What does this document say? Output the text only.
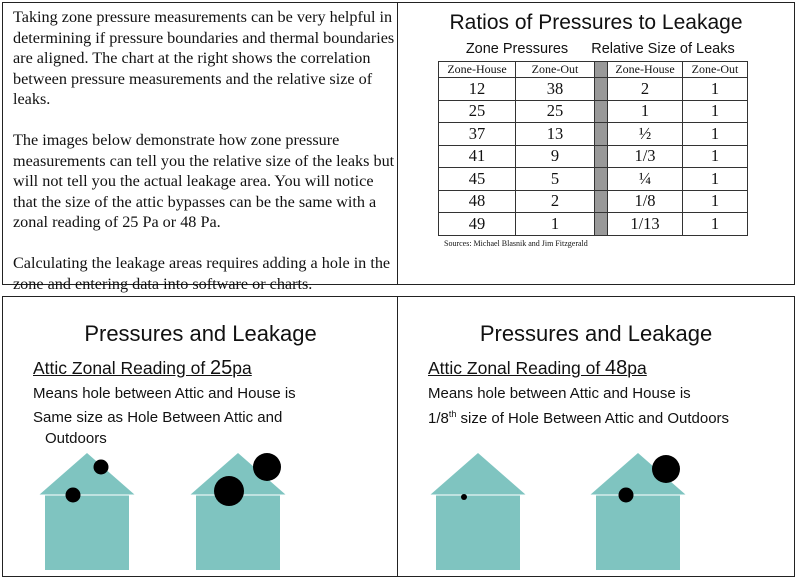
Taking zone pressure measurements can be very helpful in determining if pressure boundaries and thermal boundaries are aligned. The chart at the right shows the correlation between pressure measurements and the relative size of leaks.

The images below demonstrate how zone pressure measurements can tell you the relative size of the leaks but will not tell you the actual leakage area. You will notice that the size of the attic bypasses can be the same with a zonal reading of 25 Pa or 48 Pa.

Calculating the leakage areas requires adding a hole in the zone and entering data into software or charts.

Ratios of Pressures to Leakage
Zone Pressures	Relative Size of Leaks
Zone-House	Zone-Out		Zone-House	Zone-Out
12	38		2	1
25	25		1	1
37	13		½	1
41	9		1/3	1
45	5		¼	1
48	2		1/8	1
49	1		1/13	1
Sources: Michael Blasnik and Jim Fitzgerald
Pressures and Leakage
Attic Zonal Reading of 25pa
Means hole between Attic and House is
Same size as Hole Between Attic and
Outdoors
Pressures and Leakage
Attic Zonal Reading of 48pa
Means hole between Attic and House is
1/8th size of Hole Between Attic and Outdoors
